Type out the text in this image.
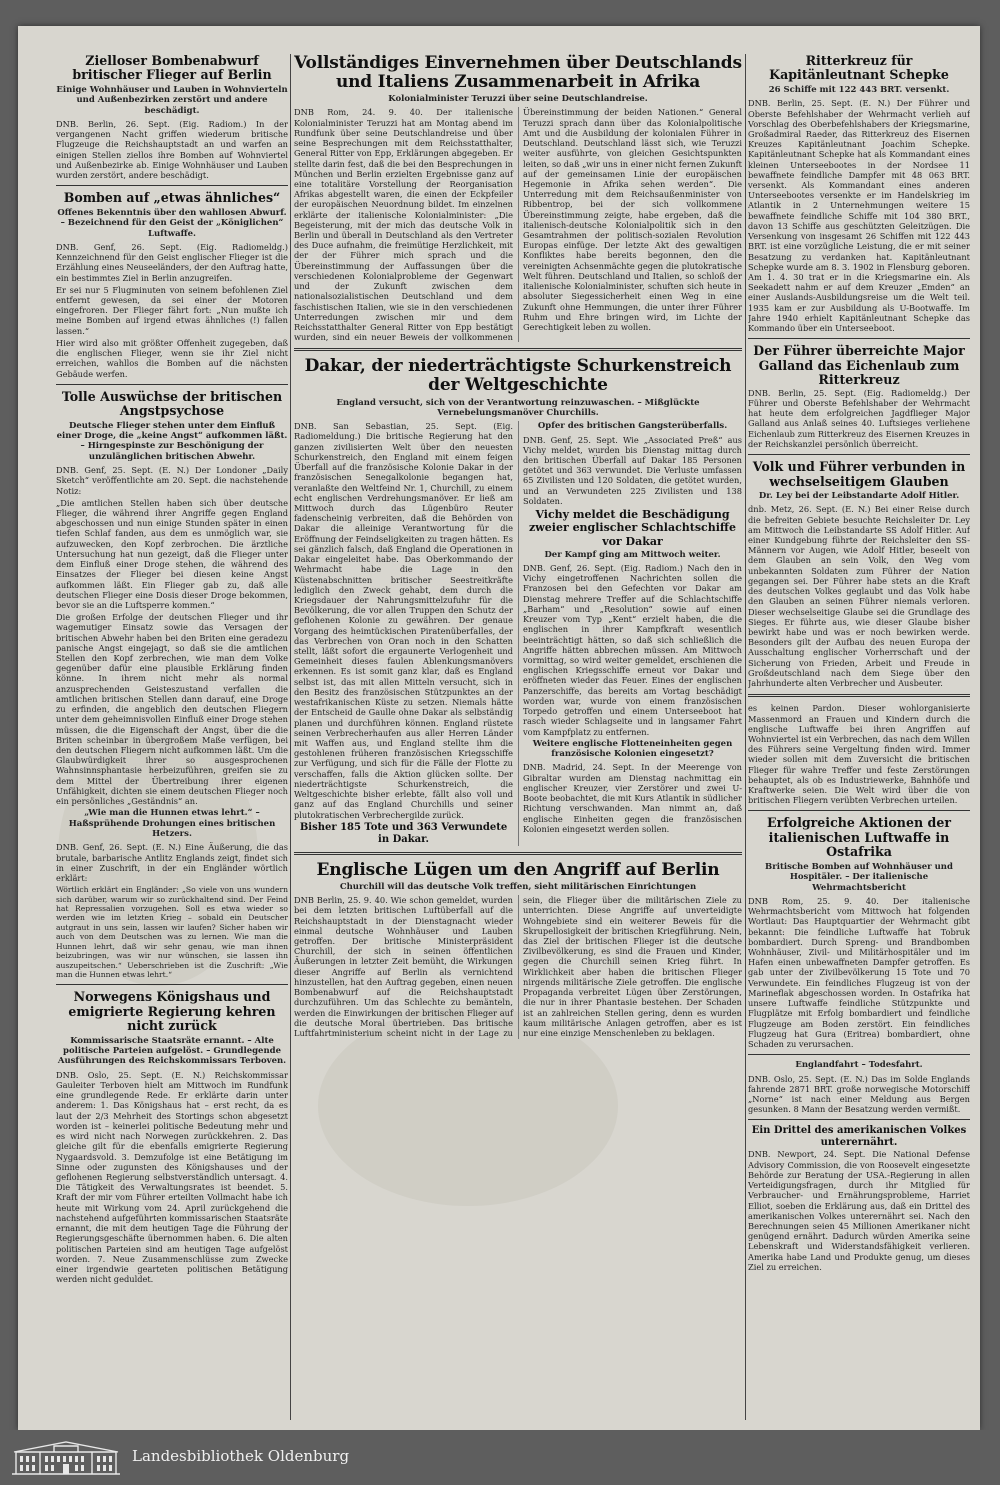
Zielloser Bombenabwurf britischer Flieger auf Berlin
Einige Wohnhäuser und Lauben in Wohnvierteln und Außenbezirken zerstört und andere beschädigt.

DNB. Berlin, 26. Sept. (Eig. Radiom.) In der vergangenen Nacht griffen wiederum britische Flugzeuge die Reichshauptstadt an und warfen an einigen Stellen ziellos ihre Bomben auf Wohnviertel und Außenbezirke ab. Einige Wohnhäuser und Lauben wurden zerstört, andere beschädigt.

Bomben auf „etwas ähnliches“
Offenes Bekenntnis über den wahllosen Abwurf. – Bezeichnend für den Geist der „Königlichen“ Luftwaffe.

DNB. Genf, 26. Sept. (Eig. Radiomeldg.) Kennzeichnend für den Geist englischer Flieger ist die Erzählung eines Neuseeländers, der den Auftrag hatte, ein bestimmtes Ziel in Berlin anzugreifen.

Er sei nur 5 Flugminuten von seinem befohlenen Ziel entfernt gewesen, da sei einer der Motoren eingefroren. Der Flieger fährt fort: „Nun mußte ich meine Bomben auf irgend etwas ähnliches (!) fallen lassen.“

Hier wird also mit größter Offenheit zugegeben, daß die englischen Flieger, wenn sie ihr Ziel nicht erreichen, wahllos die Bomben auf die nächsten Gebäude werfen.

Tolle Auswüchse der britischen Angstpsychose
Deutsche Flieger stehen unter dem Einfluß einer Droge, die „keine Angst“ aufkommen läßt. – Hirngespinste zur Beschönigung der unzulänglichen britischen Abwehr.

DNB. Genf, 25. Sept. (E. N.) Der Londoner „Daily Sketch“ veröffentlichte am 20. Sept. die nachstehende Notiz:

„Die amtlichen Stellen haben sich über deutsche Flieger, die während ihrer Angriffe gegen England abgeschossen und nun einige Stunden später in einen tiefen Schlaf fanden, aus dem es unmöglich war, sie aufzuwecken, den Kopf zerbrochen. Die ärztliche Untersuchung hat nun gezeigt, daß die Flieger unter dem Einfluß einer Droge stehen, die während des Einsatzes der Flieger bei diesen keine Angst aufkommen läßt. Ein Flieger gab zu, daß alle deutschen Flieger eine Dosis dieser Droge bekommen, bevor sie an die Luftsperre kommen.“

Die großen Erfolge der deutschen Flieger und ihr wagemutiger Einsatz sowie das Versagen der britischen Abwehr haben bei den Briten eine geradezu panische Angst eingejagt, so daß sie die amtlichen Stellen den Kopf zerbrechen, wie man dem Volke gegenüber dafür eine plausible Erklärung finden könne. In ihrem nicht mehr als normal anzusprechenden Geisteszustand verfallen die amtlichen britischen Stellen dann darauf, eine Droge zu erfinden, die angeblich den deutschen Fliegern unter dem geheimnisvollen Einfluß einer Droge stehen müssen, die die Eigenschaft der Angst, über die die Briten scheinbar in übergroßem Maße verfügen, bei den deutschen Fliegern nicht aufkommen läßt. Um die Glaubwürdigkeit ihrer so ausgesprochenen Wahnsinnsphantasie herbeizuführen, greifen sie zu dem Mittel der Übertreibung ihrer eigenen Unfähigkeit, dichten sie einem deutschen Flieger noch ein persönliches „Geständnis“ an.

„Wie man die Hunnen etwas lehrt.“ – Haßsprühende Drohungen eines britischen Hetzers.

DNB. Genf, 26. Sept. (E. N.) Eine Äußerung, die das brutale, barbarische Antlitz Englands zeigt, findet sich in einer Zuschrift, in der ein Engländer wörtlich erklärt:

Wörtlich erklärt ein Engländer: „So viele von uns wundern sich darüber, warum wir so zurückhaltend sind. Der Feind hat Repressalien vorzugehen. Soll es etwa wieder so werden wie im letzten Krieg – sobald ein Deutscher autgraut in uns sein, lassen wir laufen? Sicher haben wir auch von dem Deutschen was zu lernen. Wie man die Hunnen lehrt, daß wir sehr genau, wie man ihnen beizubringen, was wir nur wünschen, sie lassen ihn auszupeitschen.“ Ueberschrieben ist die Zuschrift: „Wie man die Hunnen etwas lehrt.“

Norwegens Königshaus und emigrierte Regierung kehren nicht zurück
Kommissarische Staatsräte ernannt. – Alte politische Parteien aufgelöst. – Grundlegende Ausführungen des Reichskommissars Terboven.

DNB. Oslo, 25. Sept. (E. N.) Reichskommissar Gauleiter Terboven hielt am Mittwoch im Rundfunk eine grundlegende Rede. Er erklärte darin unter anderem: 1. Das Königshaus hat – erst recht, da es laut der 2/3 Mehrheit des Stortings schon abgesetzt worden ist – keinerlei politische Bedeutung mehr und es wird nicht nach Norwegen zurückkehren. 2. Das gleiche gilt für die ebenfalls emigrierte Regierung Nygaardsvold. 3. Demzufolge ist eine Betätigung im Sinne oder zugunsten des Königshauses und der geflohenen Regierung selbstverständlich untersagt. 4. Die Tätigkeit des Verwaltungsrates ist beendet. 5. Kraft der mir vom Führer erteilten Vollmacht habe ich heute mit Wirkung vom 24. April zurückgehend die nachstehend aufgeführten kommissarischen Staatsräte ernannt, die mit dem heutigen Tage die Führung der Regierungsgeschäfte übernommen haben. 6. Die alten politischen Parteien sind am heutigen Tage aufgelöst worden. 7. Neue Zusammenschlüsse zum Zwecke einer irgendwie gearteten politischen Betätigung werden nicht geduldet.

Vollständiges Einvernehmen über Deutschlands und Italiens Zusammenarbeit in Afrika
Kolonialminister Teruzzi über seine Deutschlandreise.

DNB Rom, 24. 9. 40. Der italienische Kolonialminister Teruzzi hat am Montag abend im Rundfunk über seine Deutschlandreise und über seine Besprechungen mit dem Reichsstatthalter, General Ritter von Epp, Erklärungen abgegeben. Er stellte darin fest, daß die bei den Besprechungen in München und Berlin erzielten Ergebnisse ganz auf eine totalitäre Vorstellung der Reorganisation Afrikas abgestellt waren, die einen der Eckpfeiler der europäischen Neuordnung bildet. Im einzelnen erklärte der italienische Kolonialminister: „Die Begeisterung, mit der mich das deutsche Volk in Berlin und überall in Deutschland als den Vertreter des Duce aufnahm, die freimütige Herzlichkeit, mit der der Führer mich sprach und die Übereinstimmung der Auffassungen über die verschiedenen Kolonialprobleme der Gegenwart und der Zukunft zwischen dem nationalsozialistischen Deutschland und dem faschistischen Italien, wie sie in den verschiedenen Unterredungen zwischen mir und dem Reichsstatthalter General Ritter von Epp bestätigt wurden, sind ein neuer Beweis der vollkommenen Übereinstimmung der beiden Nationen.“ General Teruzzi sprach dann über das Kolonialpolitische Amt und die Ausbildung der kolonialen Führer in Deutschland. Deutschland lässt sich, wie Teruzzi weiter ausführte, von gleichen Gesichtspunkten leiten, so daß „wir uns in einer nicht fernen Zukunft auf der gemeinsamen Linie der europäischen Hegemonie in Afrika sehen werden“. Die Unterredung mit dem Reichsaußenminister von Ribbentrop, bei der sich vollkommene Übereinstimmung zeigte, habe ergeben, daß die italienisch-deutsche Kolonialpolitik sich in den Gesamtrahmen der politisch-sozialen Revolution Europas einfüge. Der letzte Akt des gewaltigen Konfliktes habe bereits begonnen, den die vereinigten Achsenmächte gegen die plutokratische Welt führen. Deutschland und Italien, so schloß der italienische Kolonialminister, schuften sich heute in absoluter Siegessicherheit einen Weg in eine Zukunft ohne Hemmungen, die unter ihrer Führer Ruhm und Ehre bringen wird, im Lichte der Gerechtigkeit leben zu wollen.

Dakar, der niederträchtigste Schurkenstreich der Weltgeschichte
England versucht, sich von der Verantwortung reinzuwaschen. – Mißglückte Vernebelungsmanöver Churchills.

DNB. San Sebastian, 25. Sept. (Eig. Radiomeldung.) Die britische Regierung hat den ganzen zivilisierten Welt über den neuesten Schurkenstreich, den England mit einem feigen Überfall auf die französische Kolonie Dakar in der französischen Senegalkolonie begangen hat, veranlaßte den Weltfeind Nr. 1, Churchill, zu einem echt englischen Verdrehungsmanöver. Er ließ am Mittwoch durch das Lügenbüro Reuter fadenscheinig verbreiten, daß die Behörden von Dakar die alleinige Verantwortung für die Eröffnung der Feindseligkeiten zu tragen hätten. Es sei gänzlich falsch, daß England die Operationen in Dakar eingeleitet habe. Das Oberkommando der Wehrmacht habe die Lage in den Küstenabschnitten britischer Seestreitkräfte lediglich den Zweck gehabt, dem durch die Kriegsdauer der Nahrungsmittelzufuhr für die Bevölkerung, die vor allen Truppen den Schutz der geflohenen Kolonie zu gewähren. Der genaue Vorgang des heimtückischen Piratenüberfalles, der das Verbrechen von Oran noch in den Schatten stellt, läßt sofort die ergaunerte Verlogenheit und Gemeinheit dieses faulen Ablenkungsmanövers erkennen. Es ist somit ganz klar, daß es England selbst ist, das mit allen Mitteln versucht, sich in den Besitz des französischen Stützpunktes an der westafrikanischen Küste zu setzen. Niemals hätte der Entscheid de Gaulle ohne Dakar als selbständig planen und durchführen können. England rüstete seinen Verbrecherhaufen aus aller Herren Länder mit Waffen aus, und England stellte ihm die gestohlenen früheren französischen Kriegsschiffe zur Verfügung, und sich für die Fälle der Flotte zu verschaffen, falls die Aktion glücken sollte. Der niederträchtigste Schurkenstreich, die Weltgeschichte bisher erlebte, fällt also voll und ganz auf das England Churchills und seiner plutokratischen Verbrechergilde zurück.

Bisher 185 Tote und 363 Verwundete in Dakar.
Opfer des britischen Gangsterüberfalls.

DNB. Genf, 25. Sept. Wie „Associated Preß“ aus Vichy meldet, wurden bis Dienstag mittag durch den britischen Überfall auf Dakar 185 Personen getötet und 363 verwundet. Die Verluste umfassen 65 Zivilisten und 120 Soldaten, die getötet wurden, und an Verwundeten 225 Zivilisten und 138 Soldaten.

Vichy meldet die Beschädigung zweier englischer Schlachtschiffe vor Dakar
Der Kampf ging am Mittwoch weiter.

DNB. Genf, 26. Sept. (Eig. Radiom.) Nach den in Vichy eingetroffenen Nachrichten sollen die Franzosen bei den Gefechten vor Dakar am Dienstag mehrere Treffer auf die Schlachtschiffe „Barham“ und „Resolution“ sowie auf einen Kreuzer vom Typ „Kent“ erzielt haben, die die englischen in ihrer Kampfkraft wesentlich beeinträchtigt hätten, so daß sich schließlich die Angriffe hätten abbrechen müssen. Am Mittwoch vormittag, so wird weiter gemeldet, erschienen die englischen Kriegsschiffe erneut vor Dakar und eröffneten wieder das Feuer. Eines der englischen Panzerschiffe, das bereits am Vortag beschädigt worden war, wurde von einem französischen Torpedo getroffen und einem Unterseeboot hat rasch wieder Schlagseite und in langsamer Fahrt vom Kampfplatz zu entfernen.

Weitere englische Flotteneinheiten gegen französische Kolonien eingesetzt?

DNB. Madrid, 24. Sept. In der Meerenge von Gibraltar wurden am Dienstag nachmittag ein englischer Kreuzer, vier Zerstörer und zwei U-Boote beobachtet, die mit Kurs Atlantik in südlicher Richtung verschwanden. Man nimmt an, daß englische Einheiten gegen die französischen Kolonien eingesetzt werden sollen.

Englische Lügen um den Angriff auf Berlin
Churchill will das deutsche Volk treffen, sieht militärischen Einrichtungen

DNB Berlin, 25. 9. 40. Wie schon gemeldet, wurden bei dem letzten britischen Luftüberfall auf die Reichshauptstadt in der Dienstagnacht wieder einmal deutsche Wohnhäuser und Lauben getroffen. Der britische Ministerpräsident Churchill, der sich in seinen öffentlichen Äußerungen in letzter Zeit bemüht, die Wirkungen dieser Angriffe auf Berlin als vernichtend hinzustellen, hat den Auftrag gegeben, einen neuen Bombenabwurf auf die Reichshauptstadt durchzuführen. Um das Schlechte zu bemänteln, werden die Einwirkungen der britischen Flieger auf die deutsche Moral übertrieben. Das britische Luftfahrtministerium scheint nicht in der Lage zu sein, die Flieger über die militärischen Ziele zu unterrichten. Diese Angriffe auf unverteidigte Wohngebiete sind ein weiterer Beweis für die Skrupellosigkeit der britischen Kriegführung. Nein, das Ziel der britischen Flieger ist die deutsche Zivilbevölkerung, es sind die Frauen und Kinder, gegen die Churchill seinen Krieg führt. In Wirklichkeit aber haben die britischen Flieger nirgends militärische Ziele getroffen. Die englische Propaganda verbreitet Lügen über Zerstörungen, die nur in ihrer Phantasie bestehen. Der Schaden ist an zahlreichen Stellen gering, denn es wurden kaum militärische Anlagen getroffen, aber es ist nur eine einzige Menschenleben zu beklagen.

Ritterkreuz für Kapitänleutnant Schepke
26 Schiffe mit 122 443 BRT. versenkt.

DNB. Berlin, 25. Sept. (E. N.) Der Führer und Oberste Befehlshaber der Wehrmacht verlieh auf Vorschlag des Oberbefehlshabers der Kriegsmarine, Großadmiral Raeder, das Ritterkreuz des Eisernen Kreuzes Kapitänleutnant Joachim Schepke. Kapitänleutnant Schepke hat als Kommandant eines kleinen Unterseebootes in der Nordsee 11 bewaffnete feindliche Dampfer mit 48 063 BRT. versenkt. Als Kommandant eines anderen Unterseebootes versenkte er im Handelskrieg im Atlantik in 2 Unternehmungen weitere 15 bewaffnete feindliche Schiffe mit 104 380 BRT., davon 13 Schiffe aus geschützten Geleitzügen. Die Versenkung von insgesamt 26 Schiffen mit 122 443 BRT. ist eine vorzügliche Leistung, die er mit seiner Besatzung zu verdanken hat. Kapitänleutnant Schepke wurde am 8. 3. 1902 in Flensburg geboren. Am 1. 4. 30 trat er in die Kriegsmarine ein. Als Seekadett nahm er auf dem Kreuzer „Emden“ an einer Auslands-Ausbildungsreise um die Welt teil. 1935 kam er zur Ausbildung als U-Bootwaffe. Im Jahre 1940 erhielt Kapitänleutnant Schepke das Kommando über ein Unterseeboot.

Der Führer überreichte Major Galland das Eichenlaub zum Ritterkreuz

DNB. Berlin, 25. Sept. (Eig. Radiomeldg.) Der Führer und Oberste Befehlshaber der Wehrmacht hat heute dem erfolgreichen Jagdflieger Major Galland aus Anlaß seines 40. Luftsieges verliehene Eichenlaub zum Ritterkreuz des Eisernen Kreuzes in der Reichskanzlei persönlich überreicht.

Volk und Führer verbunden in wechselseitigem Glauben
Dr. Ley bei der Leibstandarte Adolf Hitler.

dnb. Metz, 26. Sept. (E. N.) Bei einer Reise durch die befreiten Gebiete besuchte Reichsleiter Dr. Ley am Mittwoch die Leibstandarte SS Adolf Hitler. Auf einer Kundgebung führte der Reichsleiter den SS-Männern vor Augen, wie Adolf Hitler, beseelt von dem Glauben an sein Volk, den Weg vom unbekannten Soldaten zum Führer der Nation gegangen sei. Der Führer habe stets an die Kraft des deutschen Volkes geglaubt und das Volk habe den Glauben an seinen Führer niemals verloren. Dieser wechselseitige Glaube sei die Grundlage des Sieges. Er führte aus, wie dieser Glaube bisher bewirkt habe und was er noch bewirken werde. Besonders gilt der Aufbau des neuen Europa der Ausschaltung englischer Vorherrschaft und der Sicherung von Frieden, Arbeit und Freude in Großdeutschland nach dem Siege über den Jahrhunderte alten Verbrecher und Ausbeuter.

es keinen Pardon. Dieser wohlorganisierte Massenmord an Frauen und Kindern durch die englische Luftwaffe bei ihren Angriffen auf Wohnviertel ist ein Verbrechen, das nach dem Willen des Führers seine Vergeltung finden wird. Immer wieder sollen mit dem Zuversicht die britischen Flieger für wahre Treffer und feste Zerstörungen behauptet, als ob es Industriewerke, Bahnhöfe und Kraftwerke seien. Die Welt wird über die von britischen Fliegern verübten Verbrechen urteilen.

Erfolgreiche Aktionen der italienischen Luftwaffe in Ostafrika
Britische Bomben auf Wohnhäuser und Hospitäler. – Der italienische Wehrmachtsbericht

DNB Rom, 25. 9. 40. Der italienische Wehrmachtsbericht vom Mittwoch hat folgenden Wortlaut: Das Hauptquartier der Wehrmacht gibt bekannt: Die feindliche Luftwaffe hat Tobruk bombardiert. Durch Spreng- und Brandbomben Wohnhäuser, Zivil- und Militärhospitäler und im Hafen einen unbewaffneten Dampfer getroffen. Es gab unter der Zivilbevölkerung 15 Tote und 70 Verwundete. Ein feindliches Flugzeug ist von der Marineflak abgeschossen worden. In Ostafrika hat unsere Luftwaffe feindliche Stützpunkte und Flugplätze mit Erfolg bombardiert und feindliche Flugzeuge am Boden zerstört. Ein feindliches Flugzeug hat Gura (Eritrea) bombardiert, ohne Schaden zu verursachen.

Englandfahrt – Todesfahrt.

DNB. Oslo, 25. Sept. (E. N.) Das im Solde Englands fahrende 2871 BRT. große norwegische Motorschiff „Norne“ ist nach einer Meldung aus Bergen gesunken. 8 Mann der Besatzung werden vermißt.

Ein Drittel des amerikanischen Volkes unterernährt.

DNB. Newport, 24. Sept. Die National Defense Advisory Commission, die von Roosevelt eingesetzte Behörde zur Beratung der USA.-Regierung in allen Verteidigungsfragen, durch ihr Mitglied für Verbraucher- und Ernährungsprobleme, Harriet Elliot, soeben die Erklärung aus, daß ein Drittel des amerikanischen Volkes unterernährt sei. Nach den Berechnungen seien 45 Millionen Amerikaner nicht genügend ernährt. Dadurch würden Amerika seine Lebenskraft und Widerstandsfähigkeit verlieren. Amerika habe Land und Produkte genug, um dieses Ziel zu erreichen.

Landesbibliothek Oldenburg
